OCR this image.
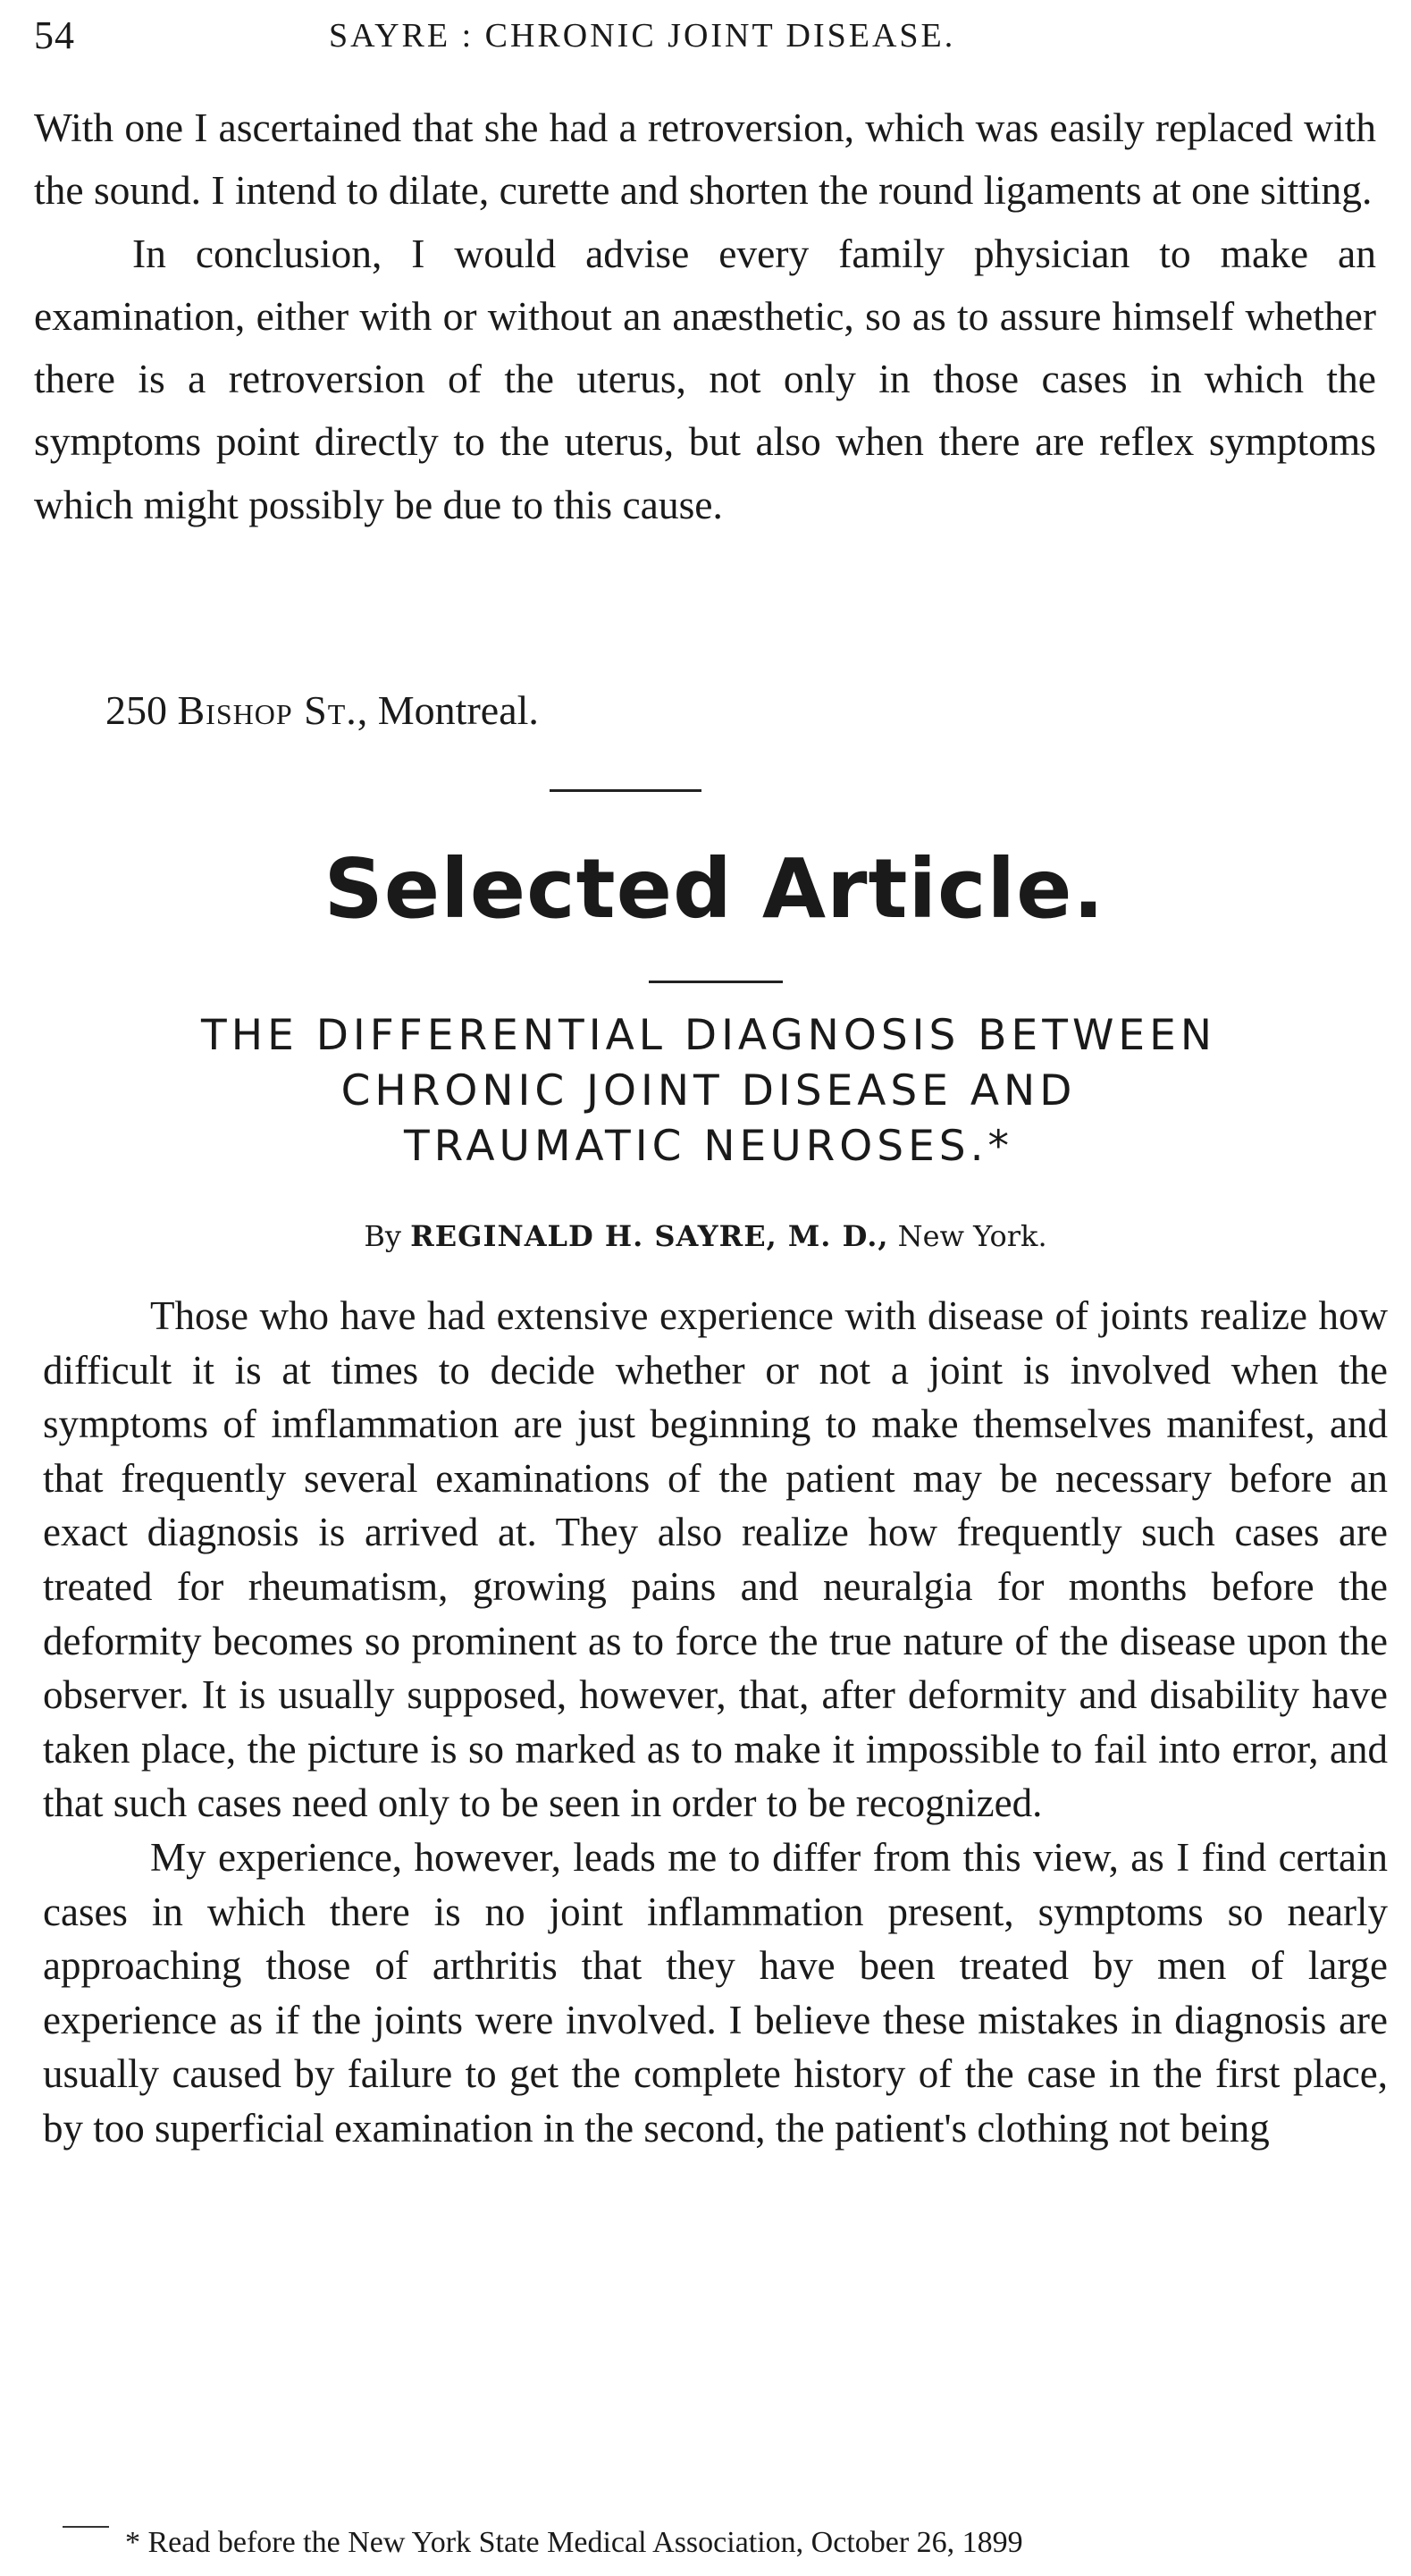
54	SAYRE : CHRONIC JOINT DISEASE.

With one I ascertained that she had a retroversion, which was easily replaced with the sound. I intend to dilate, curette and shorten the round ligaments at one sitting.

In conclusion, I would advise every family physician to make an examination, either with or without an anæsthetic, so as to assure himself whether there is a retroversion of the uterus, not only in those cases in which the symptoms point directly to the uterus, but also when there are reflex symptoms which might possibly be due to this cause.

250 Bishop St., Montreal.
Selected Article.
THE DIFFERENTIAL DIAGNOSIS BETWEEN
CHRONIC JOINT DISEASE AND
TRAUMATIC NEUROSES.*
By REGINALD H. SAYRE, M. D., New York.

Those who have had extensive experience with disease of joints realize how difficult it is at times to decide whether or not a joint is involved when the symptoms of imflammation are just beginning to make themselves manifest, and that frequently several examinations of the patient may be necessary before an exact diagnosis is arrived at. They also realize how frequently such cases are treated for rheumatism, growing pains and neuralgia for months before the deformity becomes so prominent as to force the true nature of the disease upon the observer. It is usually supposed, however, that, after deformity and disability have taken place, the picture is so marked as to make it impossible to fail into error, and that such cases need only to be seen in order to be recognized.

My experience, however, leads me to differ from this view, as I find certain cases in which there is no joint inflammation present, symptoms so nearly approaching those of arthritis that they have been treated by men of large experience as if the joints were involved. I believe these mistakes in diagnosis are usually caused by failure to get the complete history of the case in the first place, by too superficial examination in the second, the patient's clothing not being

* Read before the New York State Medical Association, October 26, 1899
